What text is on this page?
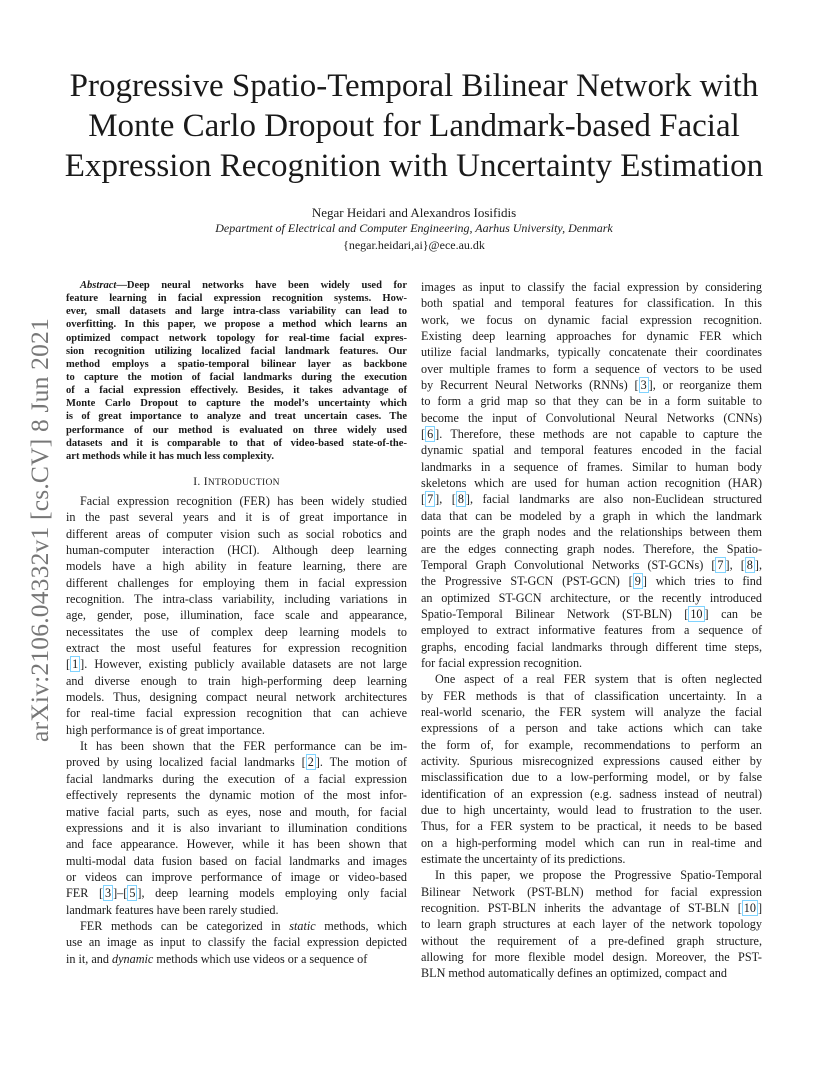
arXiv:2106.04332v1 [cs.CV] 8 Jun 2021
Progressive Spatio-Temporal Bilinear Network with
Monte Carlo Dropout for Landmark-based Facial
Expression Recognition with Uncertainty Estimation
Negar Heidari and Alexandros Iosifidis
Department of Electrical and Computer Engineering, Aarhus University, Denmark
{negar.heidari,ai}@ece.au.dk
Abstract—Deep neural networks have been widely used for
feature learning in facial expression recognition systems. How-
ever, small datasets and large intra-class variability can lead to
overfitting. In this paper, we propose a method which learns an
optimized compact network topology for real-time facial expres-
sion recognition utilizing localized facial landmark features. Our
method employs a spatio-temporal bilinear layer as backbone
to capture the motion of facial landmarks during the execution
of a facial expression effectively. Besides, it takes advantage of
Monte Carlo Dropout to capture the model’s uncertainty which
is of great importance to analyze and treat uncertain cases. The
performance of our method is evaluated on three widely used
datasets and it is comparable to that of video-based state-of-the-
art methods while it has much less complexity.
I. INTRODUCTION

Facial expression recognition (FER) has been widely studied
in the past several years and it is of great importance in
different areas of computer vision such as social robotics and
human-computer interaction (HCI). Although deep learning
models have a high ability in feature learning, there are
different challenges for employing them in facial expression
recognition. The intra-class variability, including variations in
age, gender, pose, illumination, face scale and appearance,
necessitates the use of complex deep learning models to
extract the most useful features for expression recognition
[ 1 ]. However, existing publicly available datasets are not large
and diverse enough to train high-performing deep learning
models. Thus, designing compact neural network architectures
for real-time facial expression recognition that can achieve
high performance is of great importance.

It has been shown that the FER performance can be im-
proved by using localized facial landmarks [ 2 ]. The motion of
facial landmarks during the execution of a facial expression
effectively represents the dynamic motion of the most infor-
mative facial parts, such as eyes, nose and mouth, for facial
expressions and it is also invariant to illumination conditions
and face appearance. However, while it has been shown that
multi-modal data fusion based on facial landmarks and images
or videos can improve performance of image or video-based
FER [ 3 ]–[ 5 ], deep learning models employing only facial
landmark features have been rarely studied.

FER methods can be categorized in static methods, which
use an image as input to classify the facial expression depicted
in it, and dynamic methods which use videos or a sequence of

images as input to classify the facial expression by considering
both spatial and temporal features for classification. In this
work, we focus on dynamic facial expression recognition.
Existing deep learning approaches for dynamic FER which
utilize facial landmarks, typically concatenate their coordinates
over multiple frames to form a sequence of vectors to be used
by Recurrent Neural Networks (RNNs) [ 3 ], or reorganize them
to form a grid map so that they can be in a form suitable to
become the input of Convolutional Neural Networks (CNNs)
[ 6 ]. Therefore, these methods are not capable to capture the
dynamic spatial and temporal features encoded in the facial
landmarks in a sequence of frames. Similar to human body
skeletons which are used for human action recognition (HAR)
[ 7 ], [ 8 ], facial landmarks are also non-Euclidean structured
data that can be modeled by a graph in which the landmark
points are the graph nodes and the relationships between them
are the edges connecting graph nodes. Therefore, the Spatio-
Temporal Graph Convolutional Networks (ST-GCNs) [ 7 ], [ 8 ],
the Progressive ST-GCN (PST-GCN) [ 9 ] which tries to find
an optimized ST-GCN architecture, or the recently introduced
Spatio-Temporal Bilinear Network (ST-BLN) [ 10 ] can be
employed to extract informative features from a sequence of
graphs, encoding facial landmarks through different time steps,
for facial expression recognition.

One aspect of a real FER system that is often neglected
by FER methods is that of classification uncertainty. In a
real-world scenario, the FER system will analyze the facial
expressions of a person and take actions which can take
the form of, for example, recommendations to perform an
activity. Spurious misrecognized expressions caused either by
misclassification due to a low-performing model, or by false
identification of an expression (e.g. sadness instead of neutral)
due to high uncertainty, would lead to frustration to the user.
Thus, for a FER system to be practical, it needs to be based
on a high-performing model which can run in real-time and
estimate the uncertainty of its predictions.

In this paper, we propose the Progressive Spatio-Temporal
Bilinear Network (PST-BLN) method for facial expression
recognition. PST-BLN inherits the advantage of ST-BLN [ 10 ]
to learn graph structures at each layer of the network topology
without the requirement of a pre-defined graph structure,
allowing for more flexible model design. Moreover, the PST-
BLN method automatically defines an optimized, compact and
